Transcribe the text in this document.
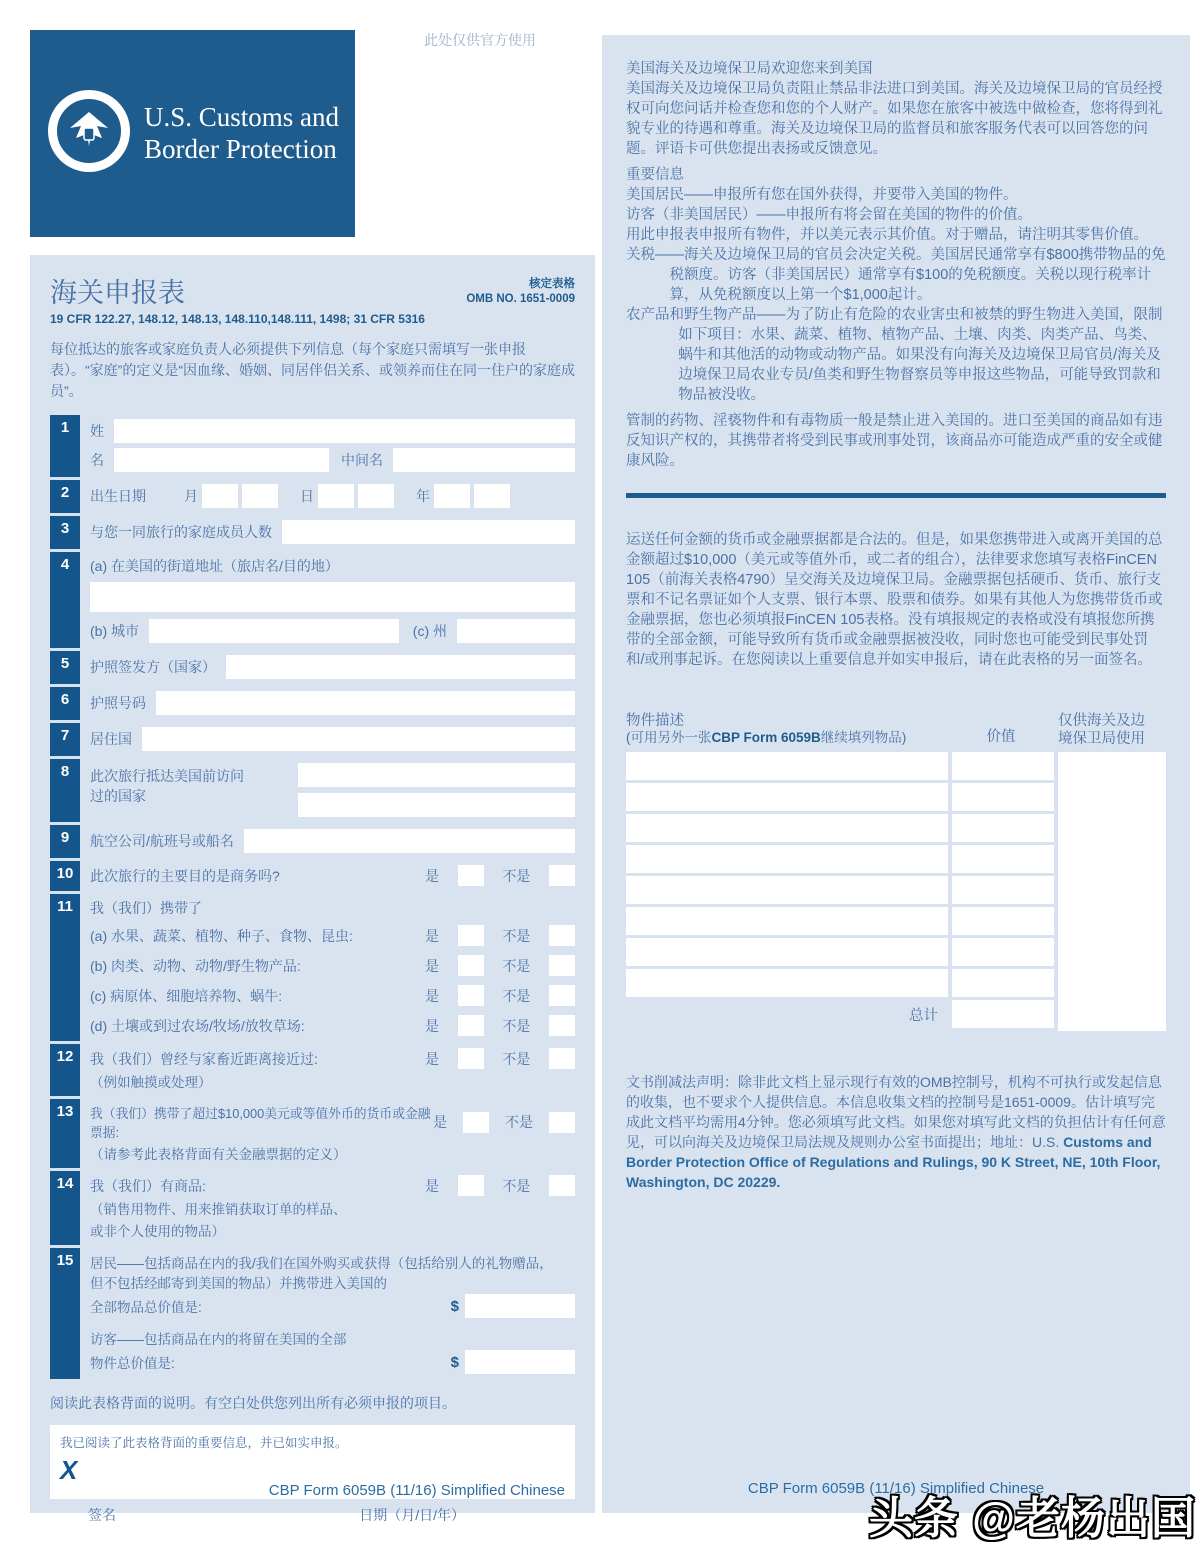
U.S. Customs and
Border Protection
此处仅供官方使用
海关申报表	核定表格
OMB NO. 1651-0009
19 CFR 122.27, 148.12, 148.13, 148.110,148.111, 1498; 31 CFR 5316
每位抵达的旅客或家庭负责人必须提供下列信息（每个家庭只需填写一张申报表）。“家庭”的定义是“因血缘、婚姻、同居伴侣关系、或领养而住在同一住户的家庭成员”。
1	姓
名	中间名
2	出生日期	月	日	年
3	与您一同旅行的家庭成员人数
4	(a) 在美国的街道地址（旅店名/目的地）
(b) 城市	(c) 州
5	护照签发方（国家）
6	护照号码
7	居住国
8	此次旅行抵达美国前访问
过的国家
9	航空公司/航班号或船名
10	此次旅行的主要目的是商务吗?	是	不是
11	我（我们）携带了
(a) 水果、蔬菜、植物、种子、食物、昆虫:	是	不是
(b) 肉类、动物、动物/野生物产品:	是	不是
(c) 病原体、细胞培养物、蜗牛:	是	不是
(d) 土壤或到过农场/牧场/放牧草场:	是	不是
12	我（我们）曾经与家畜近距离接近过:	是	不是
（例如触摸或处理）
13	我（我们）携带了超过$10,000美元或等值外币的货币或金融票据:
是	不是
（请参考此表格背面有关金融票据的定义）
14	我（我们）有商品:	是	不是
（销售用物件、用来推销获取订单的样品、
或非个人使用的物品）
15	居民——包括商品在内的我/我们在国外购买或获得（包括给别人的礼物赠品，
但不包括经邮寄到美国的物品）并携带进入美国的
全部物品总价值是:	$
访客——包括商品在内的将留在美国的全部
物件总价值是:	$
阅读此表格背面的说明。有空白处供您列出所有必须申报的项目。
我已阅读了此表格背面的重要信息，并已如实申报。
X
签名	日期（月/日/年）
CBP Form 6059B (11/16) Simplified Chinese
美国海关及边境保卫局欢迎您来到美国
美国海关及边境保卫局负责阻止禁品非法进口到美国。海关及边境保卫局的官员经授权可向您问话并检查您和您的个人财产。如果您在旅客中被选中做检查，您将得到礼貌专业的待遇和尊重。海关及边境保卫局的监督员和旅客服务代表可以回答您的问题。评语卡可供您提出表扬或反馈意见。
重要信息
美国居民——申报所有您在国外获得，并要带入美国的物件。
访客（非美国居民）——申报所有将会留在美国的物件的价值。
用此申报表申报所有物件，并以美元表示其价值。对于赠品，请注明其零售价值。
关税——海关及边境保卫局的官员会决定关税。美国居民通常享有$800携带物品的免税额度。访客（非美国居民）通常享有$100的免税额度。关税以现行税率计算，从免税额度以上第一个$1,000起计。
农产品和野生物产品——为了防止有危险的农业害虫和被禁的野生物进入美国，限制如下项目：水果、蔬菜、植物、植物产品、土壤、肉类、肉类产品、鸟类、蜗牛和其他活的动物或动物产品。如果没有向海关及边境保卫局官员/海关及边境保卫局农业专员/鱼类和野生物督察员等申报这些物品，可能导致罚款和物品被没收。
管制的药物、淫亵物件和有毒物质一般是禁止进入美国的。进口至美国的商品如有违反知识产权的，其携带者将受到民事或刑事处罚，该商品亦可能造成严重的安全或健康风险。
运送任何金额的货币或金融票据都是合法的。但是，如果您携带进入或离开美国的总金额超过$10,000（美元或等值外币，或二者的组合），法律要求您填写表格FinCEN 105（前海关表格4790）呈交海关及边境保卫局。金融票据包括硬币、货币、旅行支票和不记名票证如个人支票、银行本票、股票和债券。如果有其他人为您携带货币或金融票据，您也必须填报FinCEN 105表格。没有填报规定的表格或没有填报您所携带的全部金额，可能导致所有货币或金融票据被没收，同时您也可能受到民事处罚和/或刑事起诉。在您阅读以上重要信息并如实申报后，请在此表格的另一面签名。
物件描述
(可用另外一张CBP Form 6059B继续填列物品)	价值
仅供海关及边
境保卫局使用
总计
文书削减法声明：除非此文档上显示现行有效的OMB控制号，机构不可执行或发起信息的收集，也不要求个人提供信息。本信息收集文档的控制号是1651-0009。估计填写完成此文档平均需用4分钟。您必须填写此文档。如果您对填写此文档的负担估计有任何意见，可以向海关及边境保卫局法规及规则办公室书面提出；地址：U.S. Customs and Border Protection Office of Regulations and Rulings, 90 K Street, NE, 10th Floor, Washington, DC 20229.
CBP Form 6059B (11/16) Simplified Chinese
头条 @老杨出国
